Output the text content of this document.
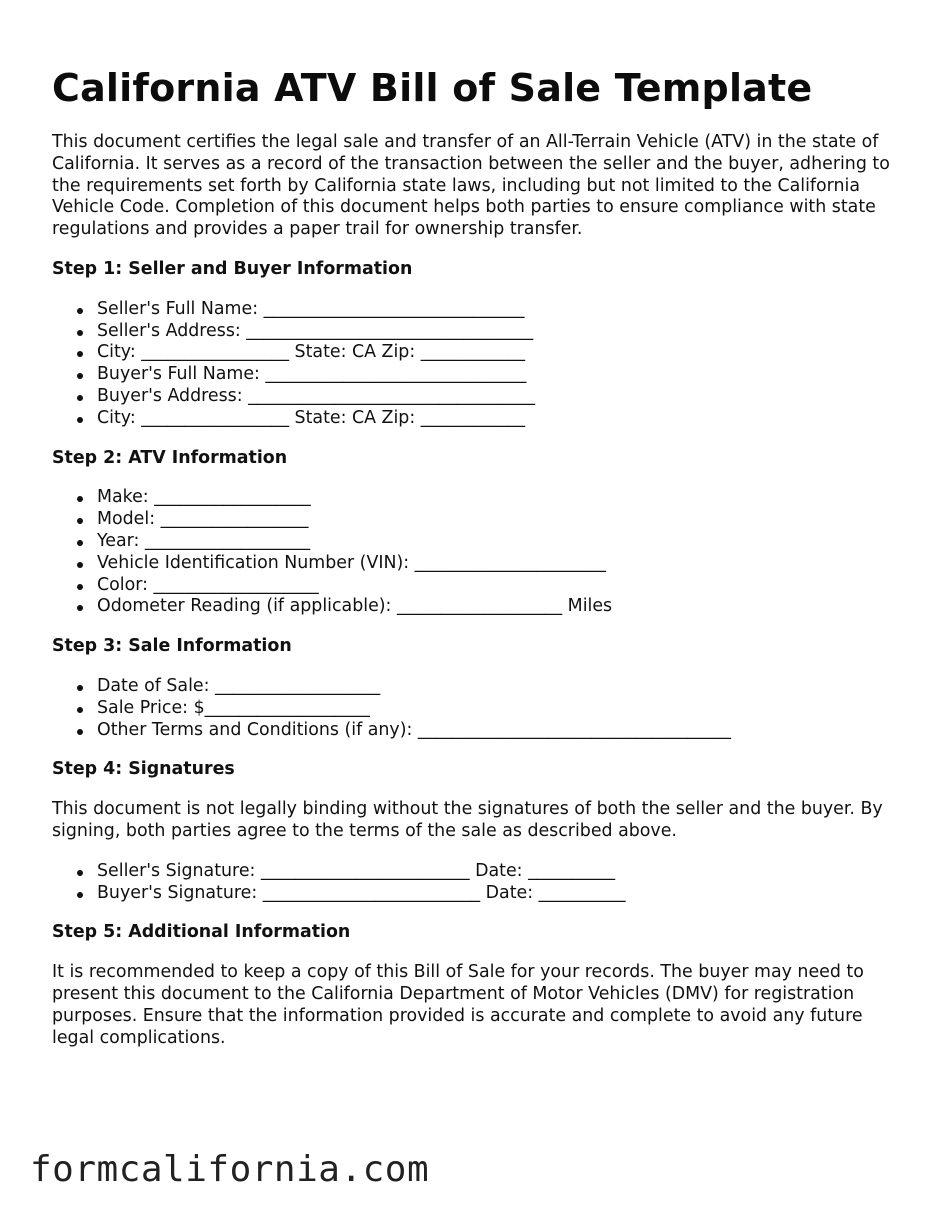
California ATV Bill of Sale Template

This document certifies the legal sale and transfer of an All-Terrain Vehicle (ATV) in the state of California. It serves as a record of the transaction between the seller and the buyer, adhering to the requirements set forth by California state laws, including but not limited to the California Vehicle Code. Completion of this document helps both parties to ensure compliance with state regulations and provides a paper trail for ownership transfer.

Step 1: Seller and Buyer Information
Seller's Full Name: ______________________________
Seller's Address: _________________________________
City: _________________ State: CA Zip: ____________
Buyer's Full Name: ______________________________
Buyer's Address: _________________________________
City: _________________ State: CA Zip: ____________
Step 2: ATV Information
Make: __________________
Model: _________________
Year: ___________________
Vehicle Identification Number (VIN): ______________________
Color: ___________________
Odometer Reading (if applicable): ___________________ Miles
Step 3: Sale Information
Date of Sale: ___________________
Sale Price: $___________________
Other Terms and Conditions (if any): ____________________________________
Step 4: Signatures

This document is not legally binding without the signatures of both the seller and the buyer. By signing, both parties agree to the terms of the sale as described above.

Seller's Signature: ________________________ Date: __________
Buyer's Signature: _________________________ Date: __________
Step 5: Additional Information

It is recommended to keep a copy of this Bill of Sale for your records. The buyer may need to present this document to the California Department of Motor Vehicles (DMV) for registration purposes. Ensure that the information provided is accurate and complete to avoid any future legal complications.

formcalifornia.com
